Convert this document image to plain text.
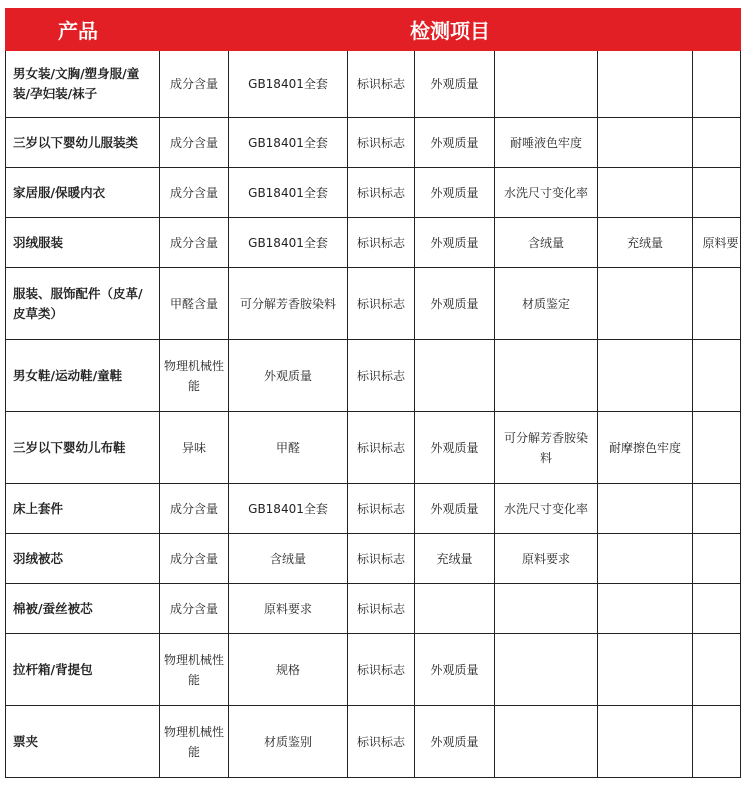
产品	检测项目						
男女装/文胸/塑身服/童装/孕妇装/袜子	成分含量	GB18401全套	标识标志	外观质量			
三岁以下婴幼儿服装类	成分含量	GB18401全套	标识标志	外观质量	耐唾液色牢度		
家居服/保暖内衣	成分含量	GB18401全套	标识标志	外观质量	水洗尺寸变化率		
羽绒服装	成分含量	GB18401全套	标识标志	外观质量	含绒量	充绒量	原料要
服装、服饰配件（皮革/皮草类）	甲醛含量	可分解芳香胺染料	标识标志	外观质量	材质鉴定		
男女鞋/运动鞋/童鞋	物理机械性能	外观质量	标识标志				
三岁以下婴幼儿布鞋	异味	甲醛	标识标志	外观质量	可分解芳香胺染料	耐摩擦色牢度	
床上套件	成分含量	GB18401全套	标识标志	外观质量	水洗尺寸变化率		
羽绒被芯	成分含量	含绒量	标识标志	充绒量	原料要求		
棉被/蚕丝被芯	成分含量	原料要求	标识标志				
拉杆箱/背提包	物理机械性能	规格	标识标志	外观质量			
票夹	物理机械性能	材质鉴别	标识标志	外观质量			
